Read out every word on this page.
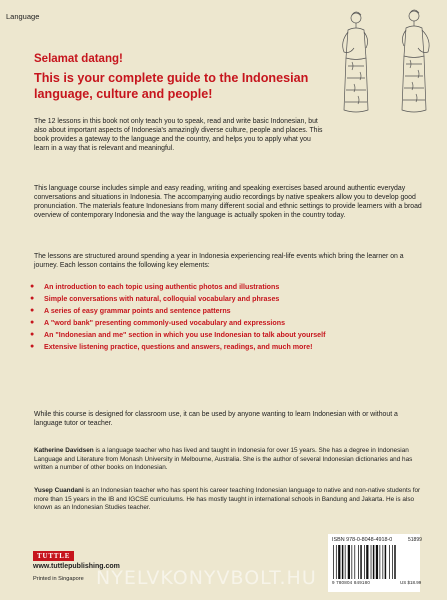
Language
Selamat datang!
This is your complete guide to the Indonesian language, culture and people!
The 12 lessons in this book not only teach you to speak, read and write basic Indonesian, but also about important aspects of Indonesia's amazingly diverse culture, people and places. This book provides a gateway to the language and the country, and helps you to apply what you learn in a way that is relevant and meaningful.
This language course includes simple and easy reading, writing and speaking exercises based around authentic everyday conversations and situations in Indonesia. The accompanying audio recordings by native speakers allow you to develop good pronunciation. The materials feature Indonesians from many different social and ethnic settings to provide learners with a broad overview of contemporary Indonesia and the way the language is actually spoken in the country today.
The lessons are structured around spending a year in Indonesia experiencing real-life events which bring the learner on a journey. Each lesson contains the following key elements:
● An introduction to each topic using authentic photos and illustrations
● Simple conversations with natural, colloquial vocabulary and phrases
● A series of easy grammar points and sentence patterns
● A "word bank" presenting commonly-used vocabulary and expressions
● An "Indonesian and me" section in which you use Indonesian to talk about yourself
● Extensive listening practice, questions and answers, readings, and much more!
While this course is designed for classroom use, it can be used by anyone wanting to learn Indonesian with or without a language tutor or teacher.
Katherine Davidsen is a language teacher who has lived and taught in Indonesia for over 15 years. She has a degree in Indonesian Language and Literature from Monash University in Melbourne, Australia. She is the author of several Indonesian dictionaries and has written a number of other books on Indonesian.
Yusep Cuandani is an Indonesian teacher who has spent his career teaching Indonesian language to native and non-native students for more than 15 years in the IB and IGCSE curriculums. He has mostly taught in international schools in Bandung and Jakarta. He is also known as an Indonesian Studies teacher.
TUTTLE
www.tuttlepublishing.com
Printed in Singapore
ISBN 978-0-8048-4918-0	51899
9 780804 849180	US $18.99
NYELVKONYVBOLT.HU
